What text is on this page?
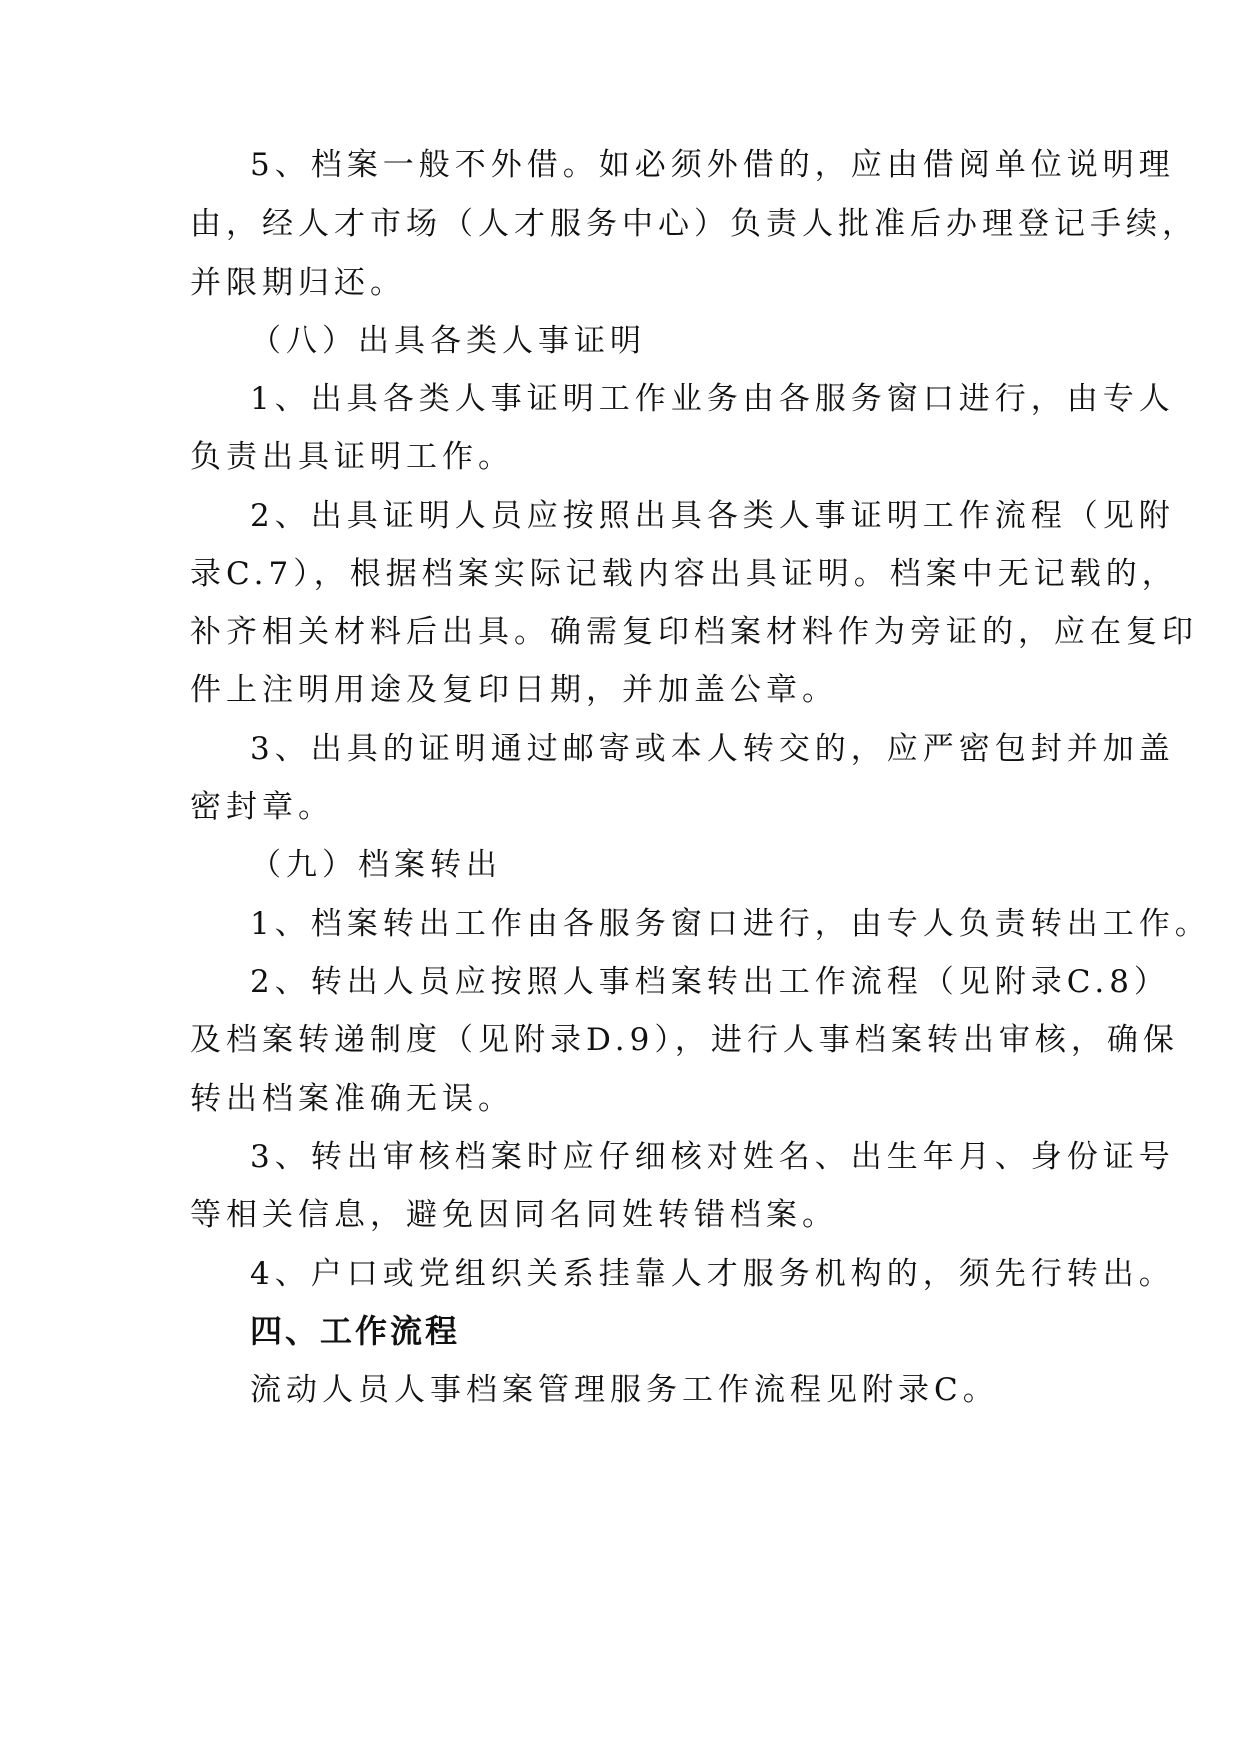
5、档案一般不外借。如必须外借的，应由借阅单位说明理
由，经人才市场（人才服务中心）负责人批准后办理登记手续，
并限期归还。
（八）出具各类人事证明
1、出具各类人事证明工作业务由各服务窗口进行，由专人
负责出具证明工作。
2、出具证明人员应按照出具各类人事证明工作流程（见附
录C.7），根据档案实际记载内容出具证明。档案中无记载的，
补齐相关材料后出具。确需复印档案材料作为旁证的，应在复印
件上注明用途及复印日期，并加盖公章。
3、出具的证明通过邮寄或本人转交的，应严密包封并加盖
密封章。
（九）档案转出
1、档案转出工作由各服务窗口进行，由专人负责转出工作。
2、转出人员应按照人事档案转出工作流程（见附录C.8）
及档案转递制度（见附录D.9），进行人事档案转出审核，确保
转出档案准确无误。
3、转出审核档案时应仔细核对姓名、出生年月、身份证号
等相关信息，避免因同名同姓转错档案。
4、户口或党组织关系挂靠人才服务机构的，须先行转出。
四、工作流程
流动人员人事档案管理服务工作流程见附录C。
